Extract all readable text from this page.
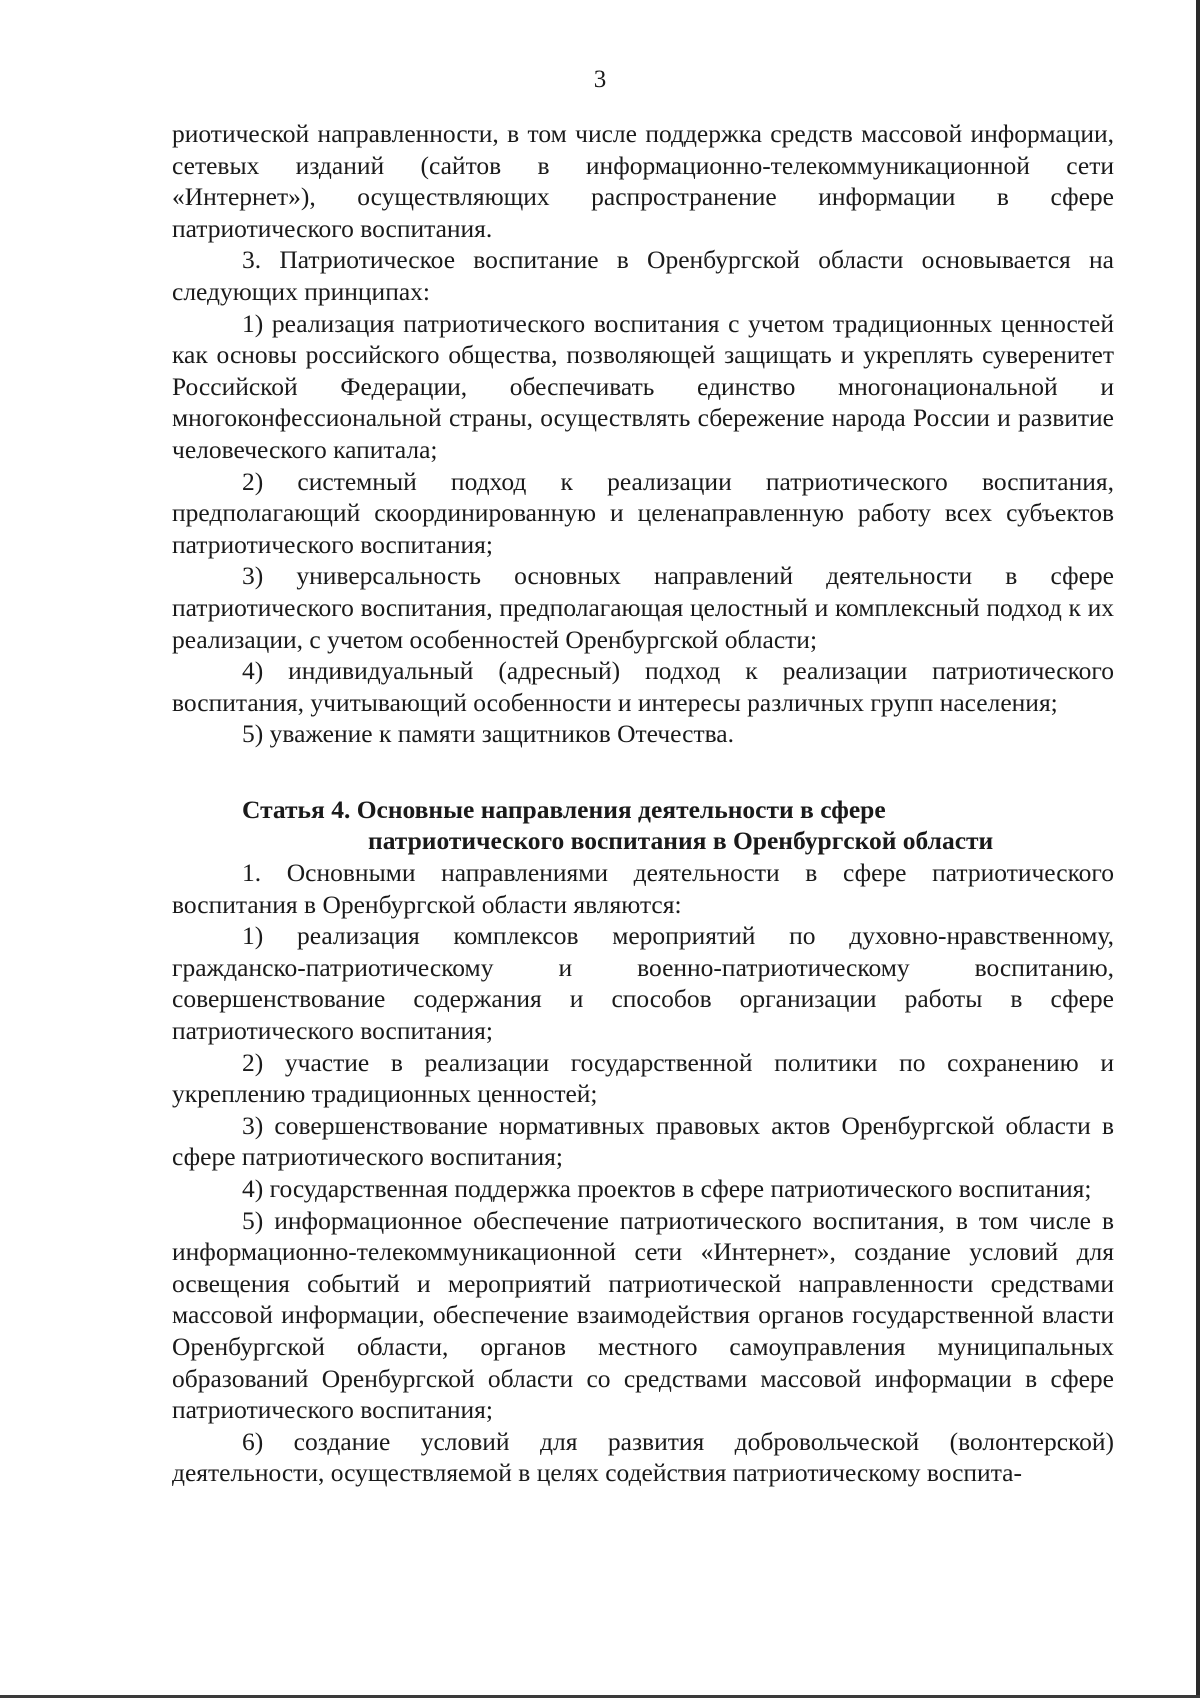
3

риотической направленности, в том числе поддержка средств массовой информации, сетевых изданий (сайтов в информационно-телекоммуникационной сети «Интернет»), осуществляющих распространение информации в сфере патриотического воспитания.

3. Патриотическое воспитание в Оренбургской области основывается на следующих принципах:

1) реализация патриотического воспитания с учетом традиционных ценностей как основы российского общества, позволяющей защищать и укреплять суверенитет Российской Федерации, обеспечивать единство многонациональной и многоконфессиональной страны, осуществлять сбережение народа России и развитие человеческого капитала;

2) системный подход к реализации патриотического воспитания, предполагающий скоординированную и целенаправленную работу всех субъектов патриотического воспитания;

3) универсальность основных направлений деятельности в сфере патриотического воспитания, предполагающая целостный и комплексный подход к их реализации, с учетом особенностей Оренбургской области;

4) индивидуальный (адресный) подход к реализации патриотического воспитания, учитывающий особенности и интересы различных групп населения;

5) уважение к памяти защитников Отечества.

Статья 4. Основные направления деятельности в сфере
патриотического воспитания в Оренбургской области

1. Основными направлениями деятельности в сфере патриотического воспитания в Оренбургской области являются:

1) реализация комплексов мероприятий по духовно-нравственному, гражданско-патриотическому и военно-патриотическому воспитанию, совершенствование содержания и способов организации работы в сфере патриотического воспитания;

2) участие в реализации государственной политики по сохранению и укреплению традиционных ценностей;

3) совершенствование нормативных правовых актов Оренбургской области в сфере патриотического воспитания;

4) государственная поддержка проектов в сфере патриотического воспитания;

5) информационное обеспечение патриотического воспитания, в том числе в информационно-телекоммуникационной сети «Интернет», создание условий для освещения событий и мероприятий патриотической направленности средствами массовой информации, обеспечение взаимодействия органов государственной власти Оренбургской области, органов местного самоуправления муниципальных образований Оренбургской области со средствами массовой информации в сфере патриотического воспитания;

6) создание условий для развития добровольческой (волонтерской) деятельности, осуществляемой в целях содействия патриотическому воспита-
